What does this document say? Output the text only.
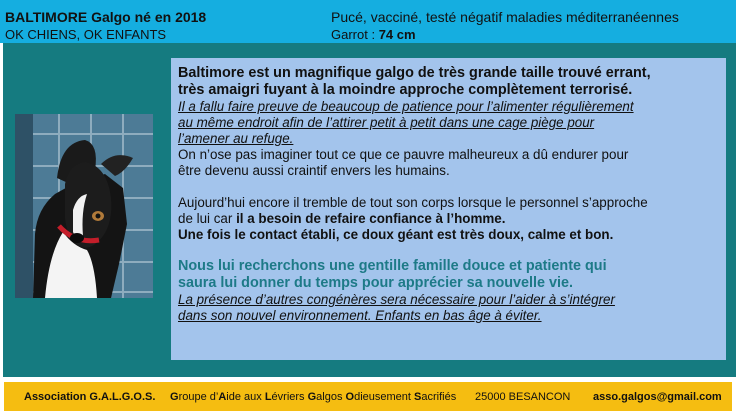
BALTIMORE Galgo né en 2018
OK CHIENS, OK ENFANTS
Pucé, vacciné, testé négatif maladies méditerranéennes
Garrot : 74 cm
Baltimore est un magnifique galgo de très grande taille trouvé errant,
très amaigri fuyant à la moindre approche complètement terrorisé.
Il a fallu faire preuve de beaucoup de patience pour l’alimenter régulièrement
au même endroit afin de l’attirer petit à petit dans une cage piège pour
l’amener au refuge.
On n’ose pas imaginer tout ce que ce pauvre malheureux a dû endurer pour
être devenu aussi craintif envers les humains.
Aujourd’hui encore il tremble de tout son corps lorsque le personnel s’approche
de lui car il a besoin de refaire confiance à l’homme.
Une fois le contact établi, ce doux géant est très doux, calme et bon.
Nous lui recherchons une gentille famille douce et patiente qui
saura lui donner du temps pour apprécier sa nouvelle vie.
La présence d’autres congénères sera nécessaire pour l’aider à s’intégrer
dans son nouvel environnement. Enfants en bas âge à éviter.
Association G.A.L.G.O.S. Groupe d’Aide aux Lévriers Galgos Odieusement Sacrifiés 25000 BESANCON asso.galgos@gmail.com
